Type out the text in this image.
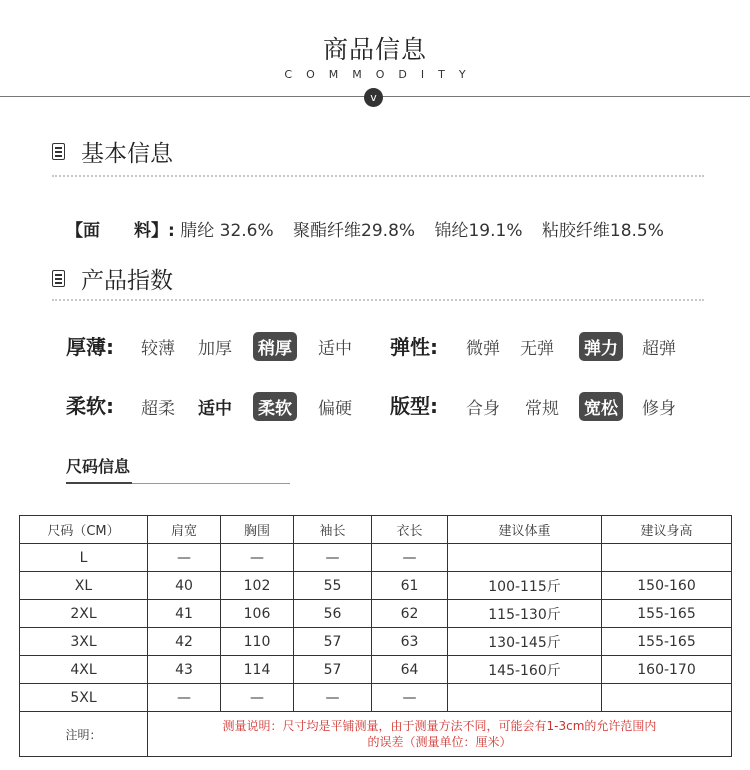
商品信息
COMMODITY
v
基本信息
【面　　料】: 腈纶 32.6% 聚酯纤维29.8% 锦纶19.1% 粘胶纤维18.5%
产品指数
厚薄: 较薄 加厚 稍厚 适中 弹性: 微弹 无弹 弹力 超弹
柔软: 超柔 适中 柔软 偏硬 版型: 合身 常规 宽松 修身
尺码信息
尺码（CM）	肩宽	胸围	袖长	衣长	建议体重	建议身高
L	—	—	—	—		
XL	40	102	55	61	100-115斤	150-160
2XL	41	106	56	62	115-130斤	155-165
3XL	42	110	57	63	130-145斤	155-165
4XL	43	114	57	64	145-160斤	160-170
5XL	—	—	—	—		
注明：	测量说明：尺寸均是平铺测量，由于测量方法不同，可能会有1-3cm的允许范围内
的误差（测量单位：厘米）					
